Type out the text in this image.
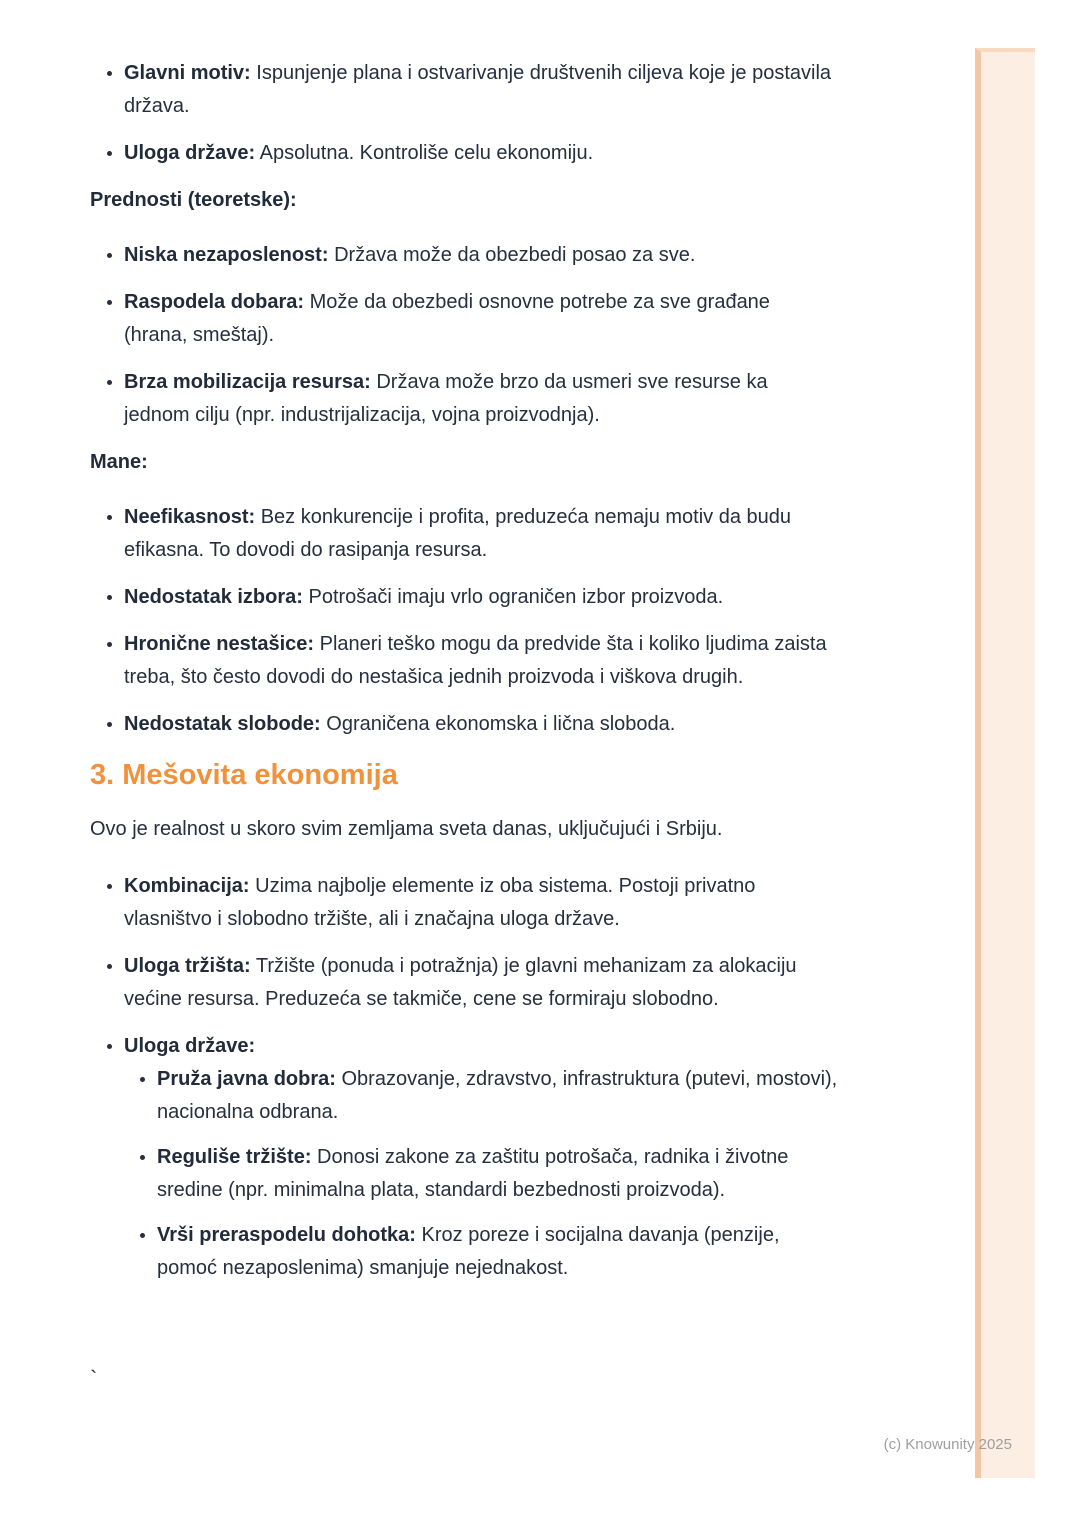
• Glavni motiv: Ispunjenje plana i ostvarivanje društvenih ciljeva koje je postavila država.
• Uloga države: Apsolutna. Kontroliše celu ekonomiju.
Prednosti (teoretske):
• Niska nezaposlenost: Država može da obezbedi posao za sve.
• Raspodela dobara: Može da obezbedi osnovne potrebe za sve građane (hrana, smeštaj).
• Brza mobilizacija resursa: Država može brzo da usmeri sve resurse ka jednom cilju (npr. industrijalizacija, vojna proizvodnja).
Mane:
• Neefikasnost: Bez konkurencije i profita, preduzeća nemaju motiv da budu efikasna. To dovodi do rasipanja resursa.
• Nedostatak izbora: Potrošači imaju vrlo ograničen izbor proizvoda.
• Hronične nestašice: Planeri teško mogu da predvide šta i koliko ljudima zaista treba, što često dovodi do nestašica jednih proizvoda i viškova drugih.
• Nedostatak slobode: Ograničena ekonomska i lična sloboda.
3. Mešovita ekonomija

Ovo je realnost u skoro svim zemljama sveta danas, uključujući i Srbiju.

• Kombinacija: Uzima najbolje elemente iz oba sistema. Postoji privatno vlasništvo i slobodno tržište, ali i značajna uloga države.
• Uloga tržišta: Tržište (ponuda i potražnja) je glavni mehanizam za alokaciju većine resursa. Preduzeća se takmiče, cene se formiraju slobodno.
• Uloga države:
• Pruža javna dobra: Obrazovanje, zdravstvo, infrastruktura (putevi, mostovi), nacionalna odbrana.
• Reguliše tržište: Donosi zakone za zaštitu potrošača, radnika i životne sredine (npr. minimalna plata, standardi bezbednosti proizvoda).
• Vrši preraspodelu dohotka: Kroz poreze i socijalna davanja (penzije, pomoć nezaposlenima) smanjuje nejednakost.
`
(c) Knowunity 2025
